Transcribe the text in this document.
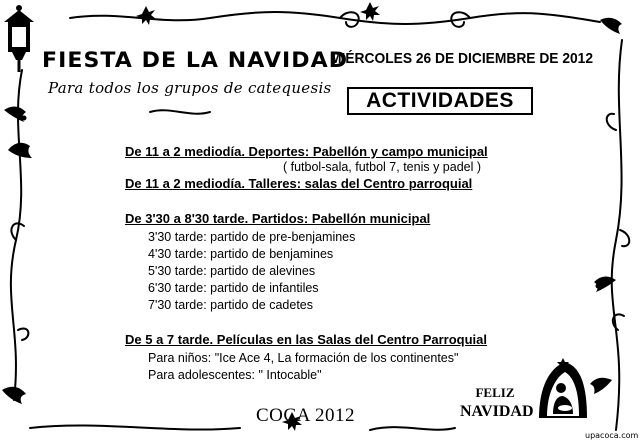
FIESTA DE LA NAVIDAD
Para todos los grupos de catequesis
MIÉRCOLES 26 DE DICIEMBRE DE 2012
ACTIVIDADES
De 11 a 2 mediodía. Deportes: Pabellón y campo municipal
( futbol-sala, futbol 7, tenis y padel )
De 11 a 2 mediodía. Talleres: salas del Centro parroquial
De 3'30 a 8'30 tarde. Partidos: Pabellón municipal
3'30 tarde: partido de pre-benjamines
4'30 tarde: partido de benjamines
5'30 tarde: partido de alevines
6'30 tarde: partido de infantiles
7'30 tarde: partido de cadetes
De 5 a 7 tarde. Películas en las Salas del Centro Parroquial
Para niños: "Ice Ace 4, La formación de los continentes"
Para adolescentes: " Intocable"
COCA 2012
FELIZ
NAVIDAD
upacoca.com
